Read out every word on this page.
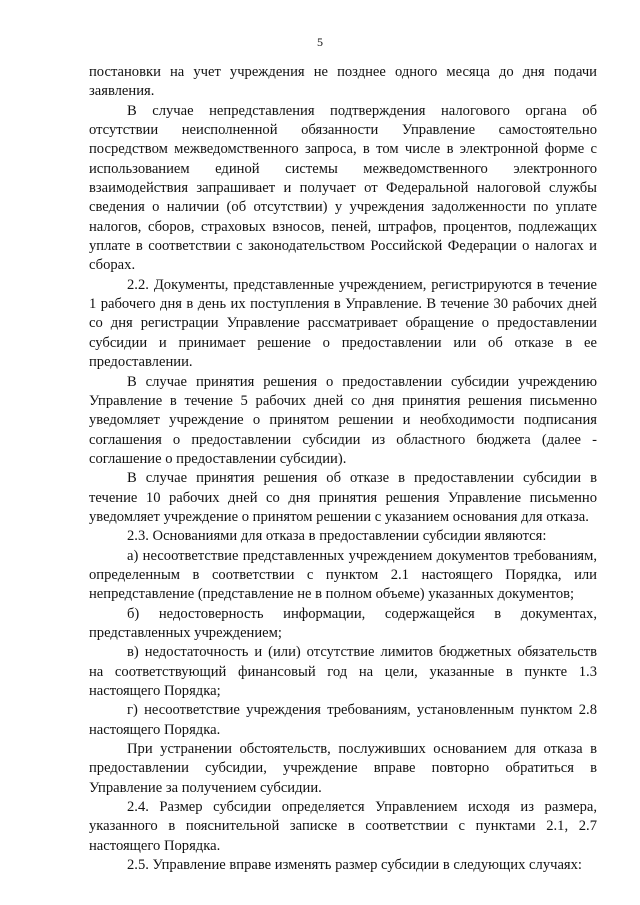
5

постановки на учет учреждения не позднее одного месяца до дня подачи заявления.

В случае непредставления подтверждения налогового органа об отсутствии неисполненной обязанности Управление самостоятельно посредством межведомственного запроса, в том числе в электронной форме с использованием единой системы межведомственного электронного взаимодействия запрашивает и получает от Федеральной налоговой службы сведения о наличии (об отсутствии) у учреждения задолженности по уплате налогов, сборов, страховых взносов, пеней, штрафов, процентов, подлежащих уплате в соответствии с законодательством Российской Федерации о налогах и сборах.

2.2. Документы, представленные учреждением, регистрируются в течение 1 рабочего дня в день их поступления в Управление. В течение 30 рабочих дней со дня регистрации Управление рассматривает обращение о предоставлении субсидии и принимает решение о предоставлении или об отказе в ее предоставлении.

В случае принятия решения о предоставлении субсидии учреждению Управление в течение 5 рабочих дней со дня принятия решения письменно уведомляет учреждение о принятом решении и необходимости подписания соглашения о предоставлении субсидии из областного бюджета (далее - соглашение о предоставлении субсидии).

В случае принятия решения об отказе в предоставлении субсидии в течение 10 рабочих дней со дня принятия решения Управление письменно уведомляет учреждение о принятом решении с указанием основания для отказа.

2.3. Основаниями для отказа в предоставлении субсидии являются:

а) несоответствие представленных учреждением документов требованиям, определенным в соответствии с пунктом 2.1 настоящего Порядка, или непредставление (представление не в полном объеме) указанных документов;

б) недостоверность информации, содержащейся в документах, представленных учреждением;

в) недостаточность и (или) отсутствие лимитов бюджетных обязательств на соответствующий финансовый год на цели, указанные в пункте 1.3 настоящего Порядка;

г) несоответствие учреждения требованиям, установленным пунктом 2.8 настоящего Порядка.

При устранении обстоятельств, послуживших основанием для отказа в предоставлении субсидии, учреждение вправе повторно обратиться в Управление за получением субсидии.

2.4. Размер субсидии определяется Управлением исходя из размера, указанного в пояснительной записке в соответствии с пунктами 2.1, 2.7 настоящего Порядка.

2.5. Управление вправе изменять размер субсидии в следующих случаях:
